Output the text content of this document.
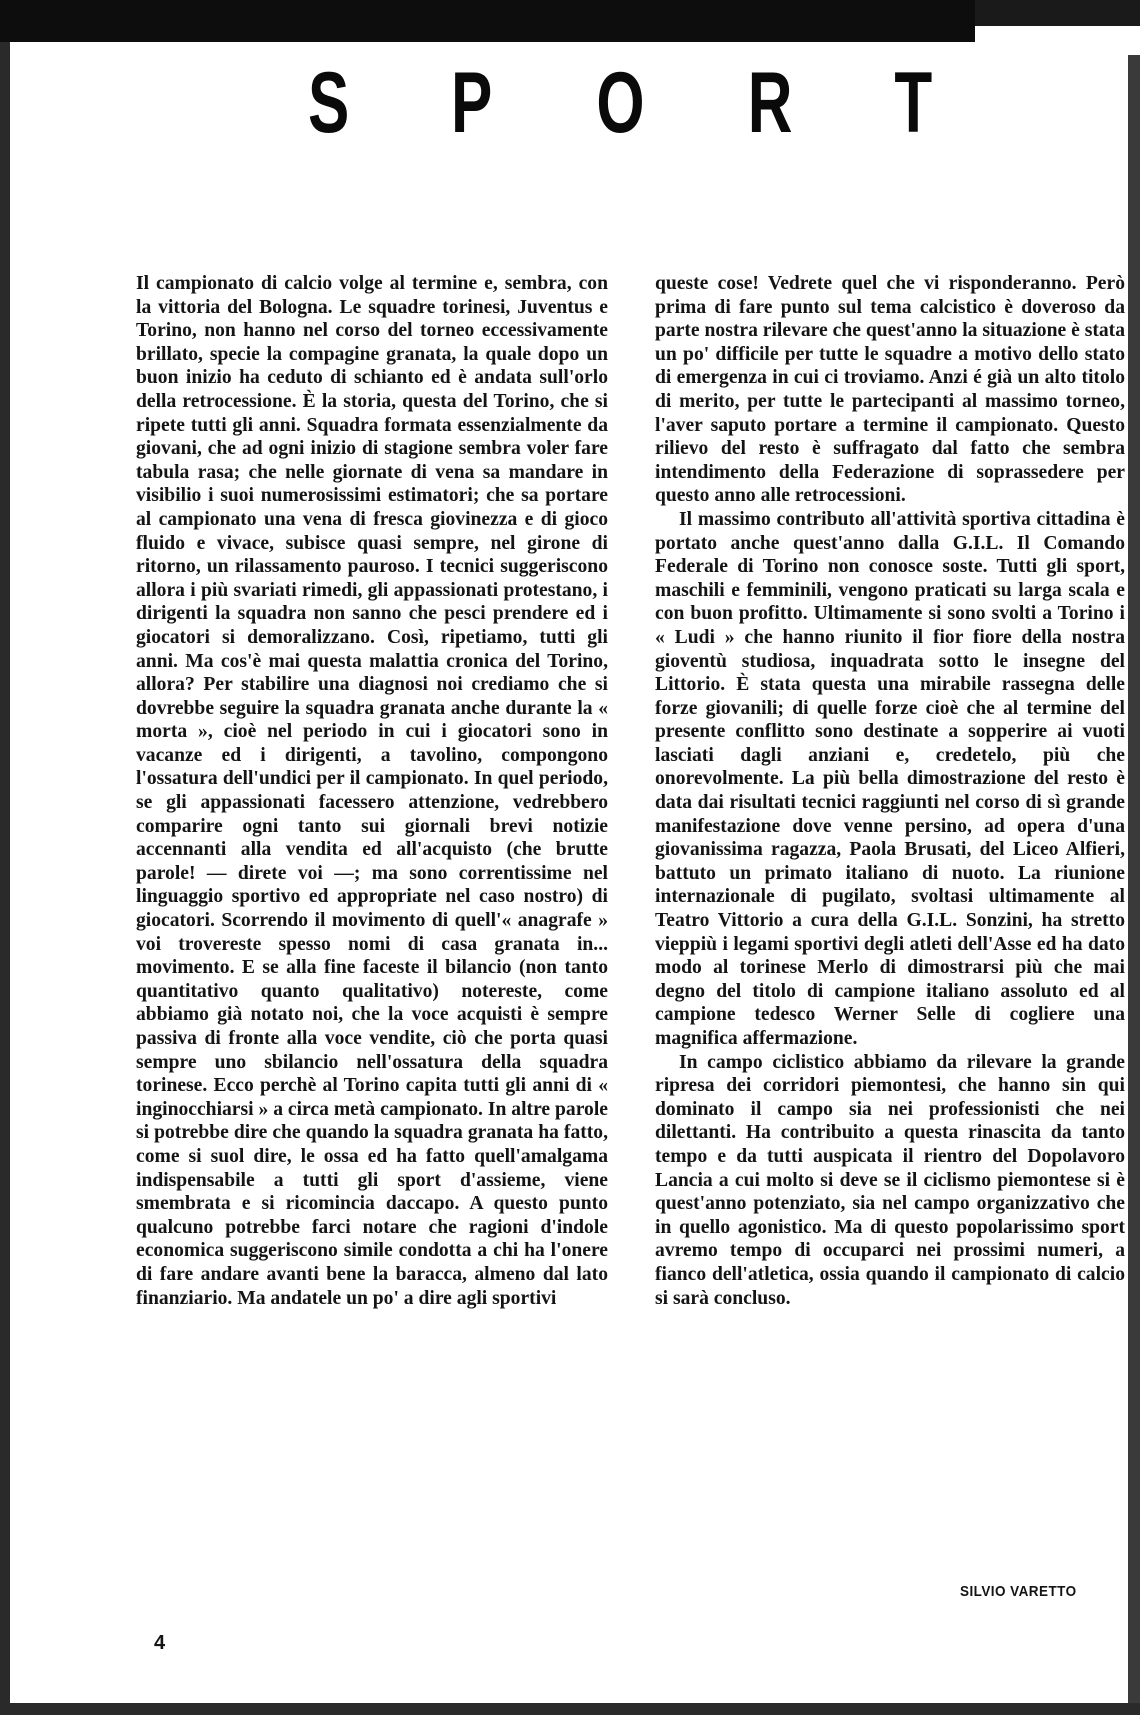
S P O R T

Il campionato di calcio volge al termine e, sembra, con la vittoria del Bologna. Le squadre torinesi, Juventus e Torino, non hanno nel corso del torneo eccessivamente brillato, specie la compagine granata, la quale dopo un buon inizio ha ceduto di schianto ed è andata sull'orlo della retrocessione. È la storia, questa del Torino, che si ripete tutti gli anni. Squadra formata essenzialmente da giovani, che ad ogni inizio di stagione sembra voler fare tabula rasa; che nelle giornate di vena sa mandare in visibilio i suoi numerosissimi estimatori; che sa portare al campionato una vena di fresca giovinezza e di gioco fluido e vivace, subisce quasi sempre, nel girone di ritorno, un rilassamento pauroso. I tecnici suggeriscono allora i più svariati rimedi, gli appassionati protestano, i dirigenti la squadra non sanno che pesci prendere ed i giocatori si demoralizzano. Così, ripetiamo, tutti gli anni. Ma cos'è mai questa malattia cronica del Torino, allora? Per stabilire una diagnosi noi crediamo che si dovrebbe seguire la squadra granata anche durante la « morta », cioè nel periodo in cui i giocatori sono in vacanze ed i dirigenti, a tavolino, compongono l'ossatura dell'undici per il campionato. In quel periodo, se gli appassionati facessero attenzione, vedrebbero comparire ogni tanto sui giornali brevi notizie accennanti alla vendita ed all'acquisto (che brutte parole! — direte voi —; ma sono correntissime nel linguaggio sportivo ed appropriate nel caso nostro) di giocatori. Scorrendo il movimento di quell'« anagrafe » voi trovereste spesso nomi di casa granata in... movimento. E se alla fine faceste il bilancio (non tanto quantitativo quanto qualitativo) notereste, come abbiamo già notato noi, che la voce acquisti è sempre passiva di fronte alla voce vendite, ciò che porta quasi sempre uno sbilancio nell'ossatura della squadra torinese. Ecco perchè al Torino capita tutti gli anni di « inginocchiarsi » a circa metà campionato. In altre parole si potrebbe dire che quando la squadra granata ha fatto, come si suol dire, le ossa ed ha fatto quell'amalgama indispensabile a tutti gli sport d'assieme, viene smembrata e si ricomincia daccapo. A questo punto qualcuno potrebbe farci notare che ragioni d'indole economica suggeriscono simile condotta a chi ha l'onere di fare andare avanti bene la baracca, almeno dal lato finanziario. Ma andatele un po' a dire agli sportivi

queste cose! Vedrete quel che vi risponderanno. Però prima di fare punto sul tema calcistico è doveroso da parte nostra rilevare che quest'anno la situazione è stata un po' difficile per tutte le squadre a motivo dello stato di emergenza in cui ci troviamo. Anzi é già un alto titolo di merito, per tutte le partecipanti al massimo torneo, l'aver saputo portare a termine il campionato. Questo rilievo del resto è suffragato dal fatto che sembra intendimento della Federazione di soprassedere per questo anno alle retrocessioni.

Il massimo contributo all'attività sportiva cittadina è portato anche quest'anno dalla G.I.L. Il Comando Federale di Torino non conosce soste. Tutti gli sport, maschili e femminili, vengono praticati su larga scala e con buon profitto. Ultimamente si sono svolti a Torino i « Ludi » che hanno riunito il fior fiore della nostra gioventù studiosa, inquadrata sotto le insegne del Littorio. È stata questa una mirabile rassegna delle forze giovanili; di quelle forze cioè che al termine del presente conflitto sono destinate a sopperire ai vuoti lasciati dagli anziani e, credetelo, più che onorevolmente. La più bella dimostrazione del resto è data dai risultati tecnici raggiunti nel corso di sì grande manifestazione dove venne persino, ad opera d'una giovanissima ragazza, Paola Brusati, del Liceo Alfieri, battuto un primato italiano di nuoto. La riunione internazionale di pugilato, svoltasi ultimamente al Teatro Vittorio a cura della G.I.L. Sonzini, ha stretto vieppiù i legami sportivi degli atleti dell'Asse ed ha dato modo al torinese Merlo di dimostrarsi più che mai degno del titolo di campione italiano assoluto ed al campione tedesco Werner Selle di cogliere una magnifica affermazione.

In campo ciclistico abbiamo da rilevare la grande ripresa dei corridori piemontesi, che hanno sin qui dominato il campo sia nei professionisti che nei dilettanti. Ha contribuito a questa rinascita da tanto tempo e da tutti auspicata il rientro del Dopolavoro Lancia a cui molto si deve se il ciclismo piemontese si è quest'anno potenziato, sia nel campo organizzativo che in quello agonistico. Ma di questo popolarissimo sport avremo tempo di occuparci nei prossimi numeri, a fianco dell'atletica, ossia quando il campionato di calcio si sarà concluso.

SILVIO VARETTO
4
